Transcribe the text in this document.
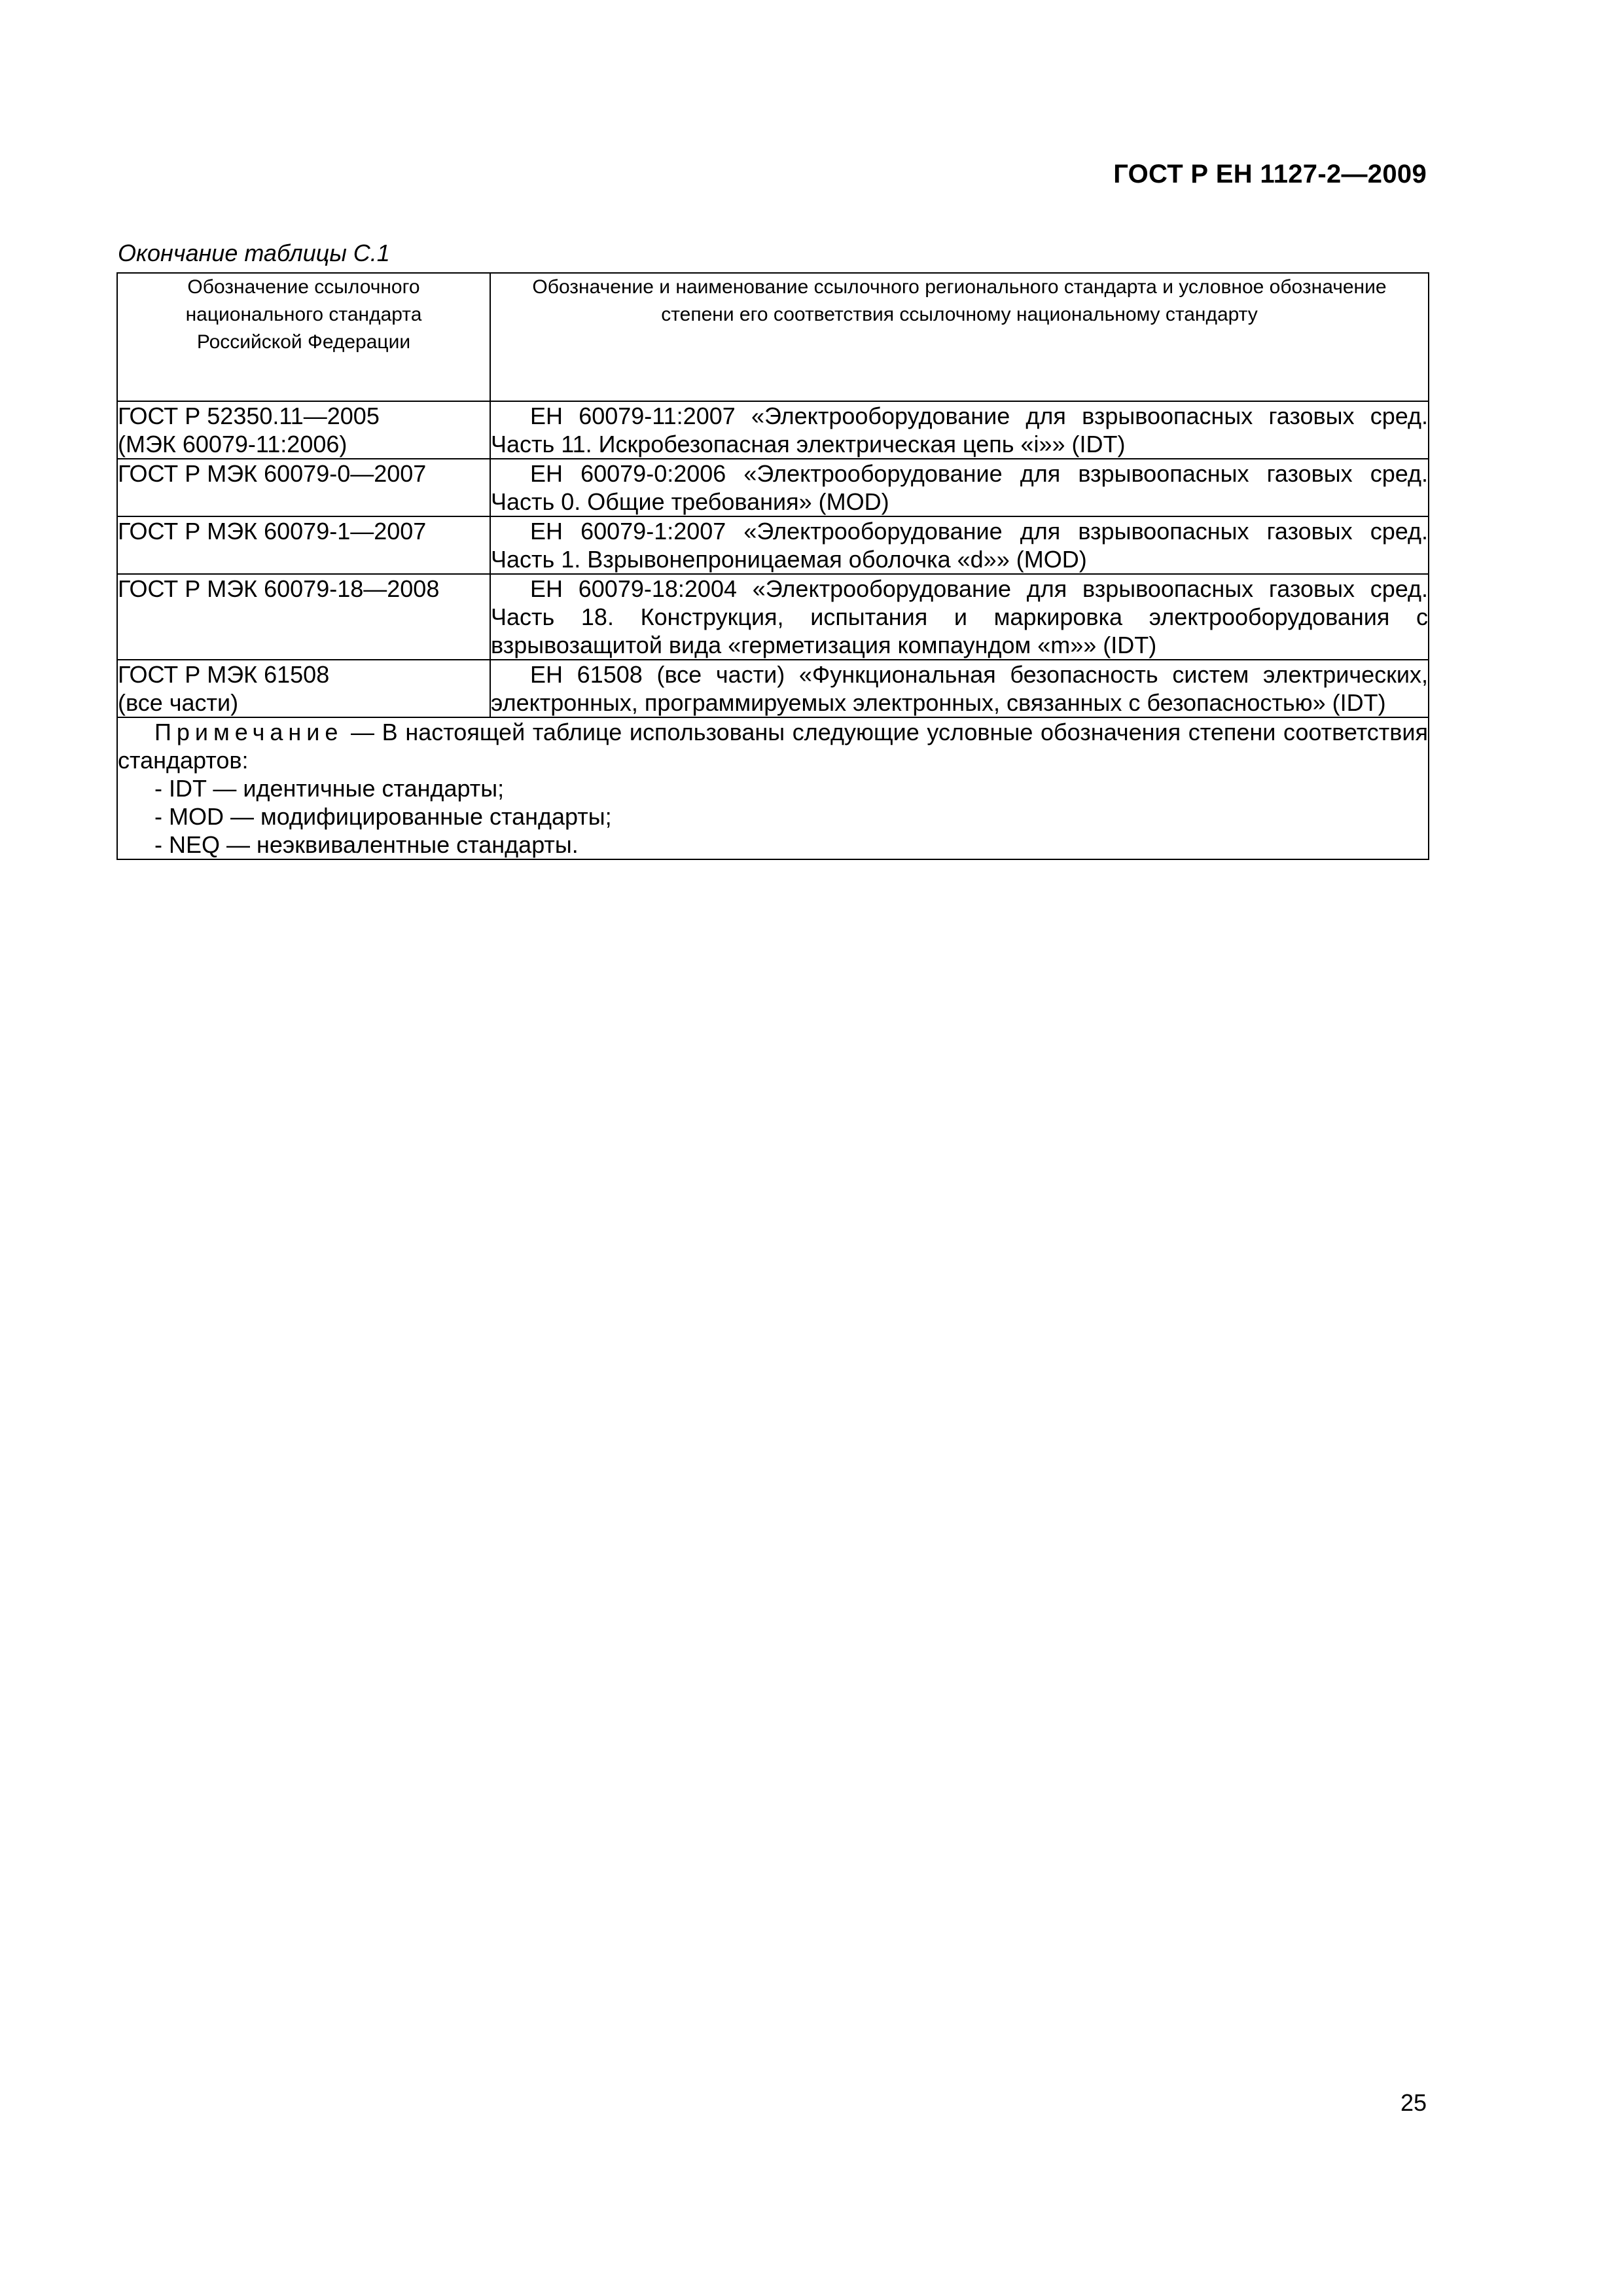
ГОСТ Р ЕН 1127-2—2009
Окончание таблицы С.1
Обозначение ссылочного национального стандарта Российской Федерации	Обозначение и наименование ссылочного регионального стандарта и условное обозначение степени его соответствия ссылочному национальному стандарту

ГОСТ Р 52350.11—2005
(МЭК 60079-11:2006)	ЕН 60079-11:2007 «Электрооборудование для взрывоопасных газовых сред. Часть 11. Искробезопасная электрическая цепь «i»» (IDT)
ГОСТ Р МЭК 60079-0—2007	ЕН 60079-0:2006 «Электрооборудование для взрывоопасных газовых сред. Часть 0. Общие требования» (MOD)
ГОСТ Р МЭК 60079-1—2007	ЕН 60079-1:2007 «Электрооборудование для взрывоопасных газовых сред. Часть 1. Взрывонепроницаемая оболочка «d»» (MOD)
ГОСТ Р МЭК 60079-18—2008	ЕН 60079-18:2004 «Электрооборудование для взрывоопасных газовых сред. Часть 18. Конструкция, испытания и маркировка электрооборудования с взрывозащитой вида «герметизация компаундом «m»» (IDT)
ГОСТ Р МЭК 61508
(все части)	ЕН 61508 (все части) «Функциональная безопасность систем электрических, электронных, программируемых электронных, связанных с безопасностью» (IDT)
Примечание — В настоящей таблице использованы следующие условные обозначения степени соответствия стандартов:
- IDT — идентичные стандарты;
- MOD — модифицированные стандарты;
- NEQ — неэквивалентные стандарты.	
25
